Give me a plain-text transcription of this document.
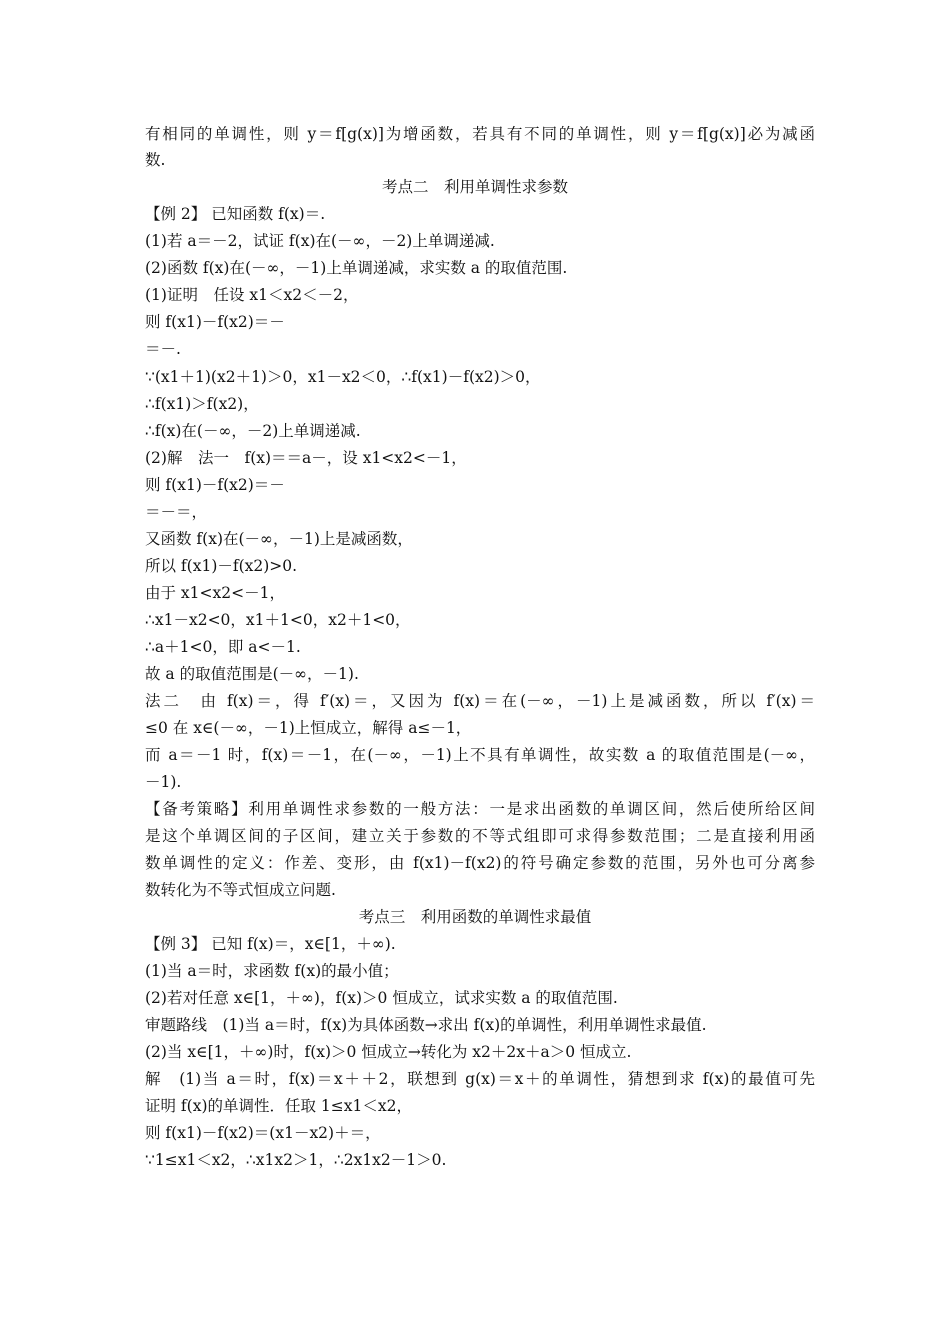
有相同的单调性，则 y＝f[g(x)]为增函数，若具有不同的单调性，则 y＝f[g(x)]必为减函
数.
考点二　利用单调性求参数
【例 2】 已知函数 f(x)＝.
(1)若 a＝－2，试证 f(x)在(－∞，－2)上单调递减.
(2)函数 f(x)在(－∞，－1)上单调递减，求实数 a 的取值范围.
(1)证明　任设 x1＜x2＜－2，
则 f(x1)－f(x2)＝－
＝－.
∵(x1＋1)(x2＋1)＞0，x1－x2＜0，∴f(x1)－f(x2)＞0，
∴f(x1)＞f(x2)，
∴f(x)在(－∞，－2)上单调递减.
(2)解　法一　f(x)＝＝a－，设 x1<x2<－1，
则 f(x1)－f(x2)＝－
＝－＝，
又函数 f(x)在(－∞，－1)上是减函数，
所以 f(x1)－f(x2)>0.
由于 x1<x2<－1，
∴x1－x2<0，x1＋1<0，x2＋1<0，
∴a＋1<0，即 a<－1.
故 a 的取值范围是(－∞，－1).
法二　由 f(x)＝，得 f′(x)＝，又因为 f(x)＝在(－∞，－1)上是减函数，所以 f′(x)＝
≤0 在 x∈(－∞，－1)上恒成立，解得 a≤－1，
而 a＝－1 时，f(x)＝－1，在(－∞，－1)上不具有单调性，故实数 a 的取值范围是(－∞，
－1).
【备考策略】利用单调性求参数的一般方法：一是求出函数的单调区间，然后使所给区间
是这个单调区间的子区间，建立关于参数的不等式组即可求得参数范围；二是直接利用函
数单调性的定义：作差、变形，由 f(x1)－f(x2)的符号确定参数的范围，另外也可分离参
数转化为不等式恒成立问题.
考点三　利用函数的单调性求最值
【例 3】 已知 f(x)＝，x∈[1，＋∞).
(1)当 a＝时，求函数 f(x)的最小值；
(2)若对任意 x∈[1，＋∞)，f(x)＞0 恒成立，试求实数 a 的取值范围.
审题路线　(1)当 a＝时，f(x)为具体函数→求出 f(x)的单调性，利用单调性求最值.
(2)当 x∈[1，＋∞)时，f(x)＞0 恒成立→转化为 x2＋2x＋a＞0 恒成立.
解　(1)当 a＝时，f(x)＝x＋＋2，联想到 g(x)＝x＋的单调性，猜想到求 f(x)的最值可先
证明 f(x)的单调性．任取 1≤x1＜x2，
则 f(x1)－f(x2)＝(x1－x2)＋＝，
∵1≤x1＜x2，∴x1x2＞1，∴2x1x2－1＞0.
